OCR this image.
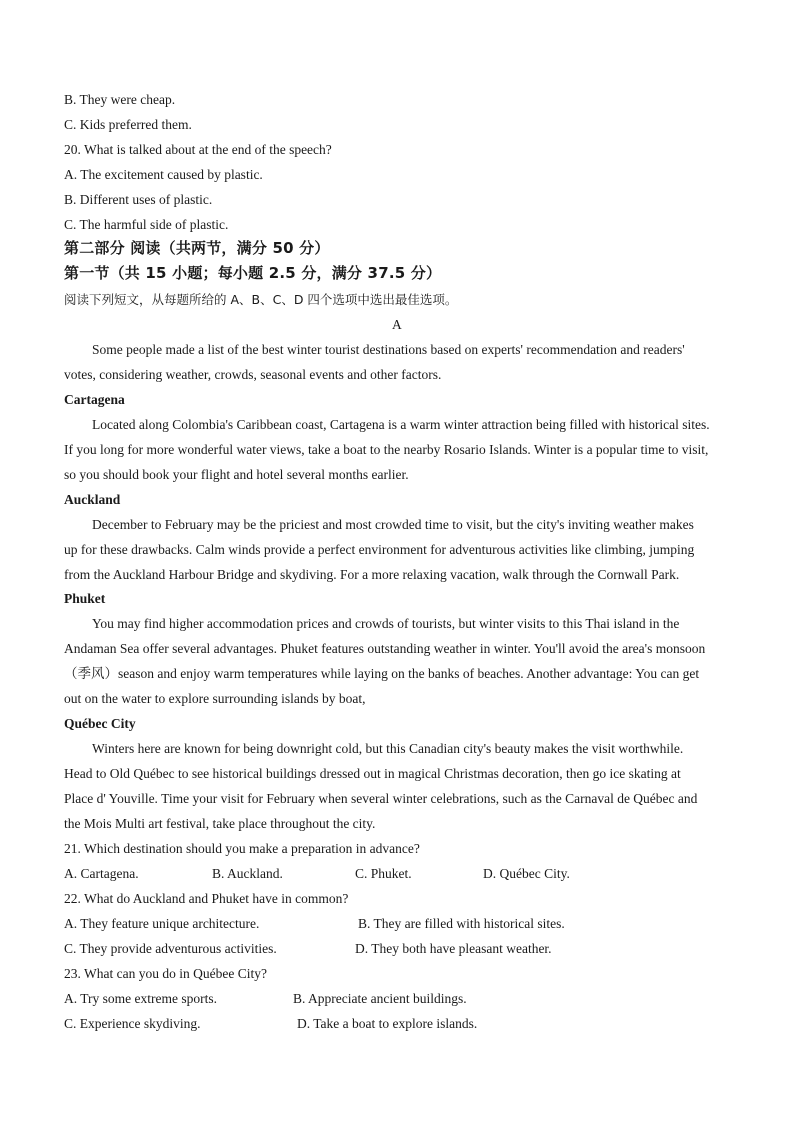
B. They were cheap.
C. Kids preferred them.
20. What is talked about at the end of the speech?
A. The excitement caused by plastic.
B. Different uses of plastic.
C. The harmful side of plastic.
第二部分 阅读（共两节，满分 50 分）
第一节（共 15 小题；每小题 2.5 分，满分 37.5 分）
阅读下列短文，从每题所给的 A、B、C、D 四个选项中选出最佳选项。
A
Some people made a list of the best winter tourist destinations based on experts' recommendation and readers'
votes, considering weather, crowds, seasonal events and other factors.
Cartagena
Located along Colombia's Caribbean coast, Cartagena is a warm winter attraction being filled with historical sites.
If you long for more wonderful water views, take a boat to the nearby Rosario Islands. Winter is a popular time to visit,
so you should book your flight and hotel several months earlier.
Auckland
December to February may be the priciest and most crowded time to visit, but the city's inviting weather makes
up for these drawbacks. Calm winds provide a perfect environment for adventurous activities like climbing, jumping
from the Auckland Harbour Bridge and skydiving. For a more relaxing vacation, walk through the Cornwall Park.
Phuket
You may find higher accommodation prices and crowds of tourists, but winter visits to this Thai island in the
Andaman Sea offer several advantages. Phuket features outstanding weather in winter. You'll avoid the area's monsoon
（季风）season and enjoy warm temperatures while laying on the banks of beaches. Another advantage: You can get
out on the water to explore surrounding islands by boat,
Québec City
Winters here are known for being downright cold, but this Canadian city's beauty makes the visit worthwhile.
Head to Old Québec to see historical buildings dressed out in magical Christmas decoration, then go ice skating at
Place d' Youville. Time your visit for February when several winter celebrations, such as the Carnaval de Québec and
the Mois Multi art festival, take place throughout the city.
21. Which destination should you make a preparation in advance?
A. Cartagena.	B. Auckland.	C. Phuket.	D. Québec City.
22. What do Auckland and Phuket have in common?
A. They feature unique architecture.	B. They are filled with historical sites.
C. They provide adventurous activities.	D. They both have pleasant weather.
23. What can you do in Québee City?
A. Try some extreme sports.	B. Appreciate ancient buildings.
C. Experience skydiving.	D. Take a boat to explore islands.
